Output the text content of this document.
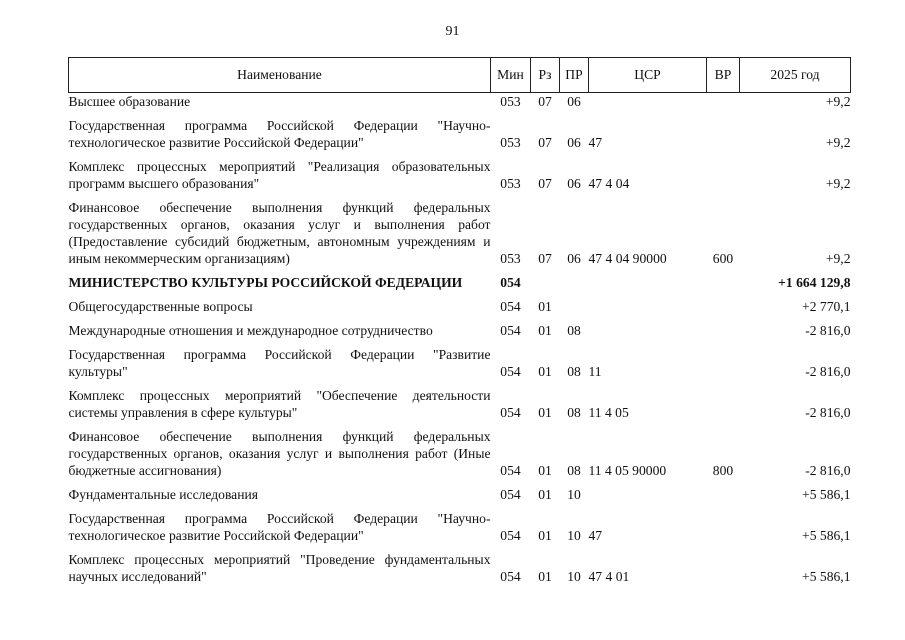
91
Наименование	Мин	Рз	ПР	ЦСР	ВР	2025 год
Высшее образование	053	07	06			+9,2

Государственная программа Российской Федерации "Научно-технологическое развитие Российской Федерации"	053	07	06	47		+9,2

Комплекс процессных мероприятий "Реализация образовательных программ высшего образования"	053	07	06	47 4 04		+9,2

Финансовое обеспечение выполнения функций федеральных государственных органов, оказания услуг и выполнения работ (Предоставление субсидий бюджетным, автономным учреждениям и иным некоммерческим организациям)	053	07	06	47 4 04 90000	600	+9,2

МИНИСТЕРСТВО КУЛЬТУРЫ РОССИЙСКОЙ ФЕДЕРАЦИИ	054					+1 664 129,8

Общегосударственные вопросы	054	01				+2 770,1

Международные отношения и международное сотрудничество	054	01	08			-2 816,0

Государственная программа Российской Федерации "Развитие культуры"	054	01	08	11		-2 816,0

Комплекс процессных мероприятий "Обеспечение деятельности системы управления в сфере культуры"	054	01	08	11 4 05		-2 816,0

Финансовое обеспечение выполнения функций федеральных государственных органов, оказания услуг и выполнения работ (Иные бюджетные ассигнования)	054	01	08	11 4 05 90000	800	-2 816,0

Фундаментальные исследования	054	01	10			+5 586,1

Государственная программа Российской Федерации "Научно-технологическое развитие Российской Федерации"	054	01	10	47		+5 586,1

Комплекс процессных мероприятий "Проведение фундаментальных научных исследований"	054	01	10	47 4 01		+5 586,1
